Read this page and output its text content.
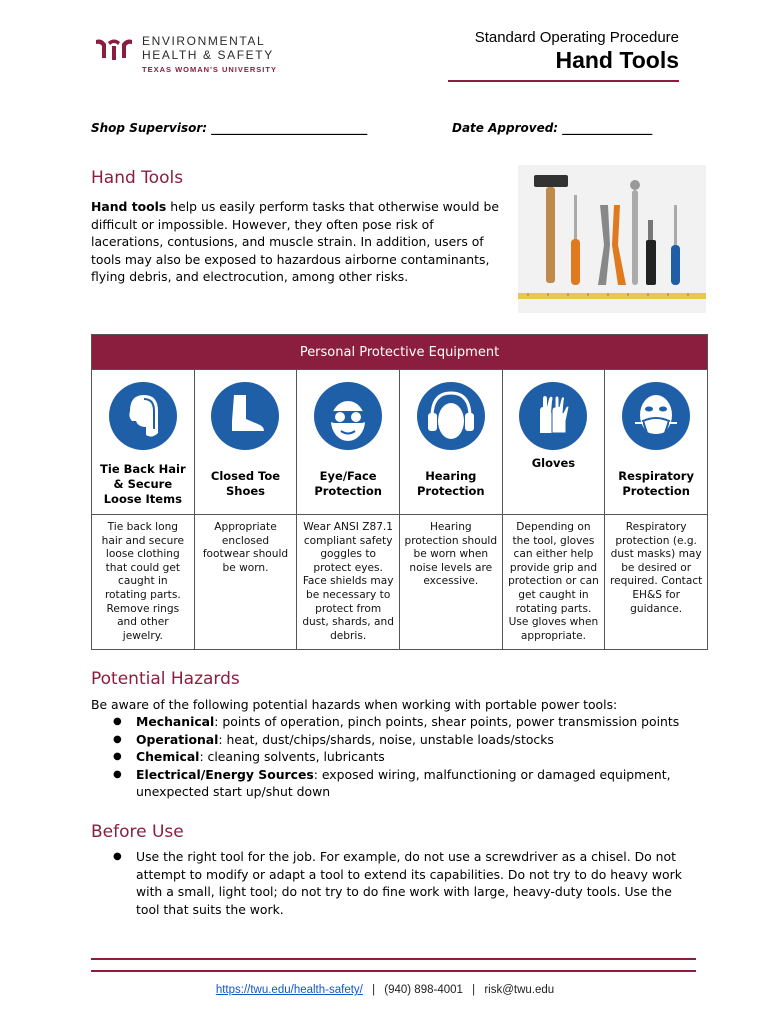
ENVIRONMENTAL
HEALTH & SAFETY
TEXAS WOMAN'S UNIVERSITY
Standard Operating Procedure
Hand Tools
Shop Supervisor: __________________________	Date Approved: _______________
Hand Tools
Hand tools help us easily perform tasks that otherwise would be difficult or impossible. However, they often pose risk of lacerations, contusions, and muscle strain. In addition, users of tools may also be exposed to hazardous airborne contaminants, flying debris, and electrocution, among other risks.
Personal Protective Equipment					

Tie Back Hair & Secure Loose Items	Closed Toe Shoes	Eye/Face Protection	Hearing Protection	Gloves	Respiratory Protection

Tie back long hair and secure loose clothing that could get caught in rotating parts. Remove rings and other jewelry.	Appropriate enclosed footwear should be worn.	Wear ANSI Z87.1 compliant safety goggles to protect eyes. Face shields may be necessary to protect from dust, shards, and debris.	Hearing protection should be worn when noise levels are excessive.	Depending on the tool, gloves can either help provide grip and protection or can get caught in rotating parts. Use gloves when appropriate.	Respiratory protection (e.g. dust masks) may be desired or required. Contact EH&S for guidance.
Potential Hazards
Be aware of the following potential hazards when working with portable power tools:
● Mechanical: points of operation, pinch points, shear points, power transmission points
● Operational: heat, dust/chips/shards, noise, unstable loads/stocks
● Chemical: cleaning solvents, lubricants
● Electrical/Energy Sources: exposed wiring, malfunctioning or damaged equipment, unexpected start up/shut down
Before Use
● Use the right tool for the job. For example, do not use a screwdriver as a chisel. Do not attempt to modify or adapt a tool to extend its capabilities. Do not try to do heavy work with a small, light tool; do not try to do fine work with large, heavy-duty tools. Use the tool that suits the work.
https://twu.edu/health-safety/ | (940) 898-4001 | risk@twu.edu
